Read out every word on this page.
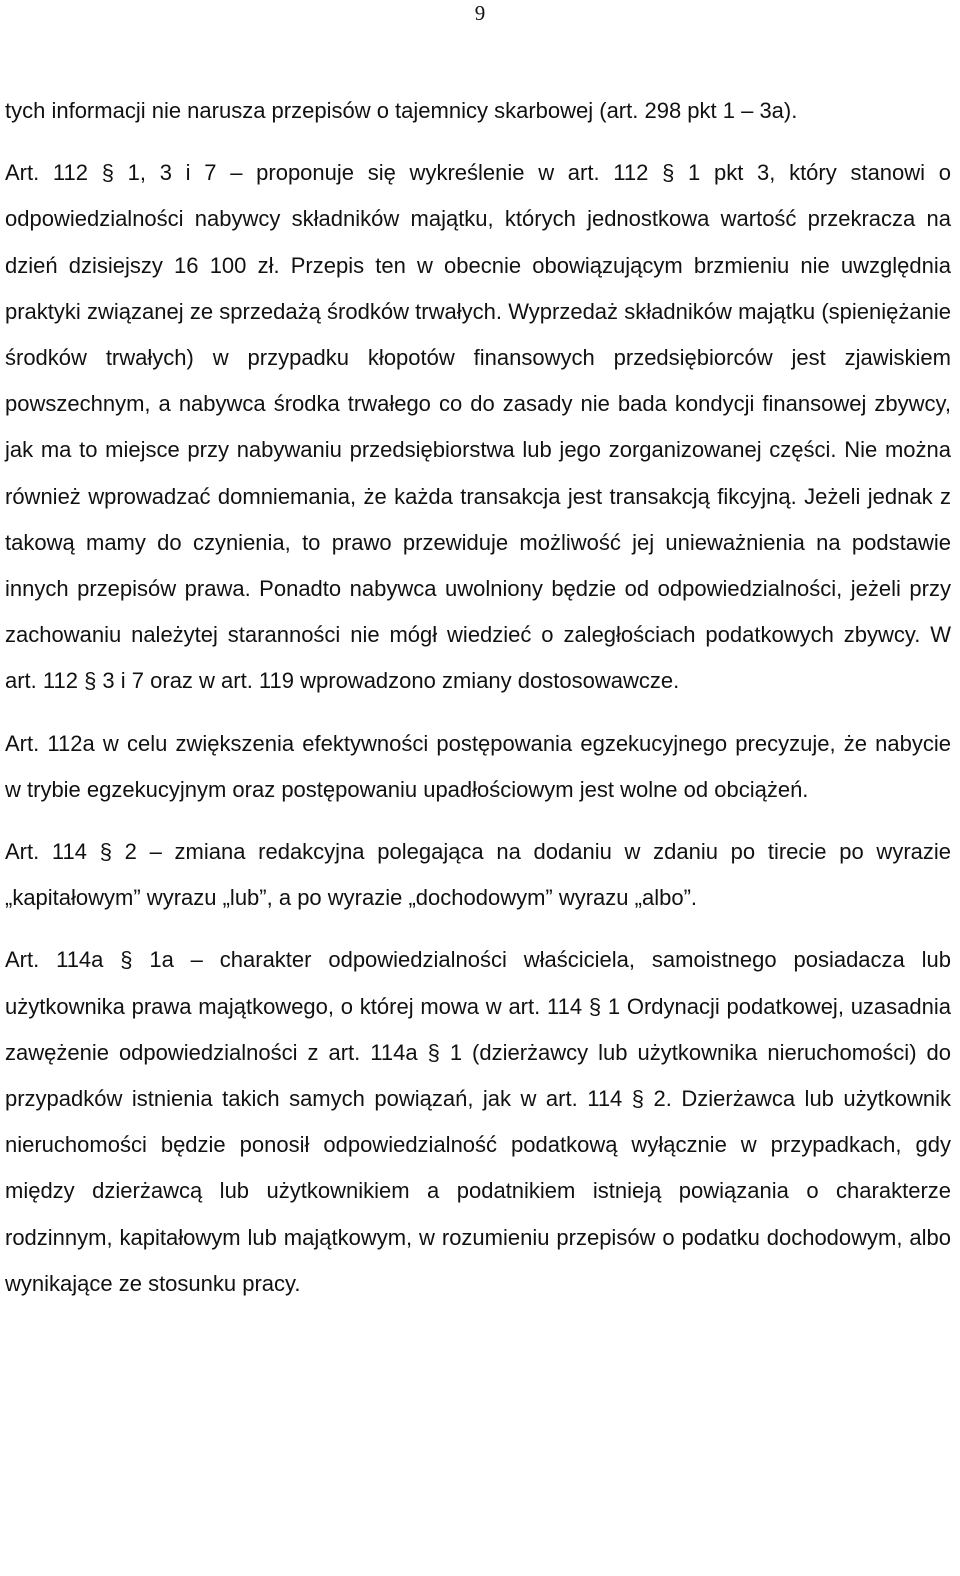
9

tych informacji nie narusza przepisów o tajemnicy skarbowej (art. 298 pkt 1 – 3a).

Art. 112 § 1, 3 i 7 – proponuje się wykreślenie w art. 112 § 1 pkt 3, który stanowi o odpowiedzialności nabywcy składników majątku, których jednostkowa wartość przekracza na dzień dzisiejszy 16 100 zł. Przepis ten w obecnie obowiązującym brzmieniu nie uwzględnia praktyki związanej ze sprzedażą środków trwałych. Wyprzedaż składników majątku (spieniężanie środków trwałych) w przypadku kłopotów finansowych przedsiębiorców jest zjawiskiem powszechnym, a nabywca środka trwałego co do zasady nie bada kondycji finansowej zbywcy, jak ma to miejsce przy nabywaniu przedsiębiorstwa lub jego zorganizowanej części. Nie można również wprowadzać domniemania, że każda transakcja jest transakcją fikcyjną. Jeżeli jednak z takową mamy do czynienia, to prawo przewiduje możliwość jej unieważnienia na podstawie innych przepisów prawa. Ponadto nabywca uwolniony będzie od odpowiedzialności, jeżeli przy zachowaniu należytej staranności nie mógł wiedzieć o zaległościach podatkowych zbywcy. W art. 112 § 3 i 7 oraz w art. 119 wprowadzono zmiany dostosowawcze.

Art. 112a w celu zwiększenia efektywności postępowania egzekucyjnego precyzuje, że nabycie w trybie egzekucyjnym oraz postępowaniu upadłościowym jest wolne od obciążeń.

Art. 114 § 2 – zmiana redakcyjna polegająca na dodaniu w zdaniu po tirecie po wyrazie „kapitałowym” wyrazu „lub”, a po wyrazie „dochodowym” wyrazu „albo”.

Art. 114a § 1a – charakter odpowiedzialności właściciela, samoistnego posiadacza lub użytkownika prawa majątkowego, o której mowa w art. 114 § 1 Ordynacji podatkowej, uzasadnia zawężenie odpowiedzialności z art. 114a § 1 (dzierżawcy lub użytkownika nieruchomości) do przypadków istnienia takich samych powiązań, jak w art. 114 § 2. Dzierżawca lub użytkownik nieruchomości będzie ponosił odpowiedzialność podatkową wyłącznie w przypadkach, gdy między dzierżawcą lub użytkownikiem a podatnikiem istnieją powiązania o charakterze rodzinnym, kapitałowym lub majątkowym, w rozumieniu przepisów o podatku dochodowym, albo wynikające ze stosunku pracy.
